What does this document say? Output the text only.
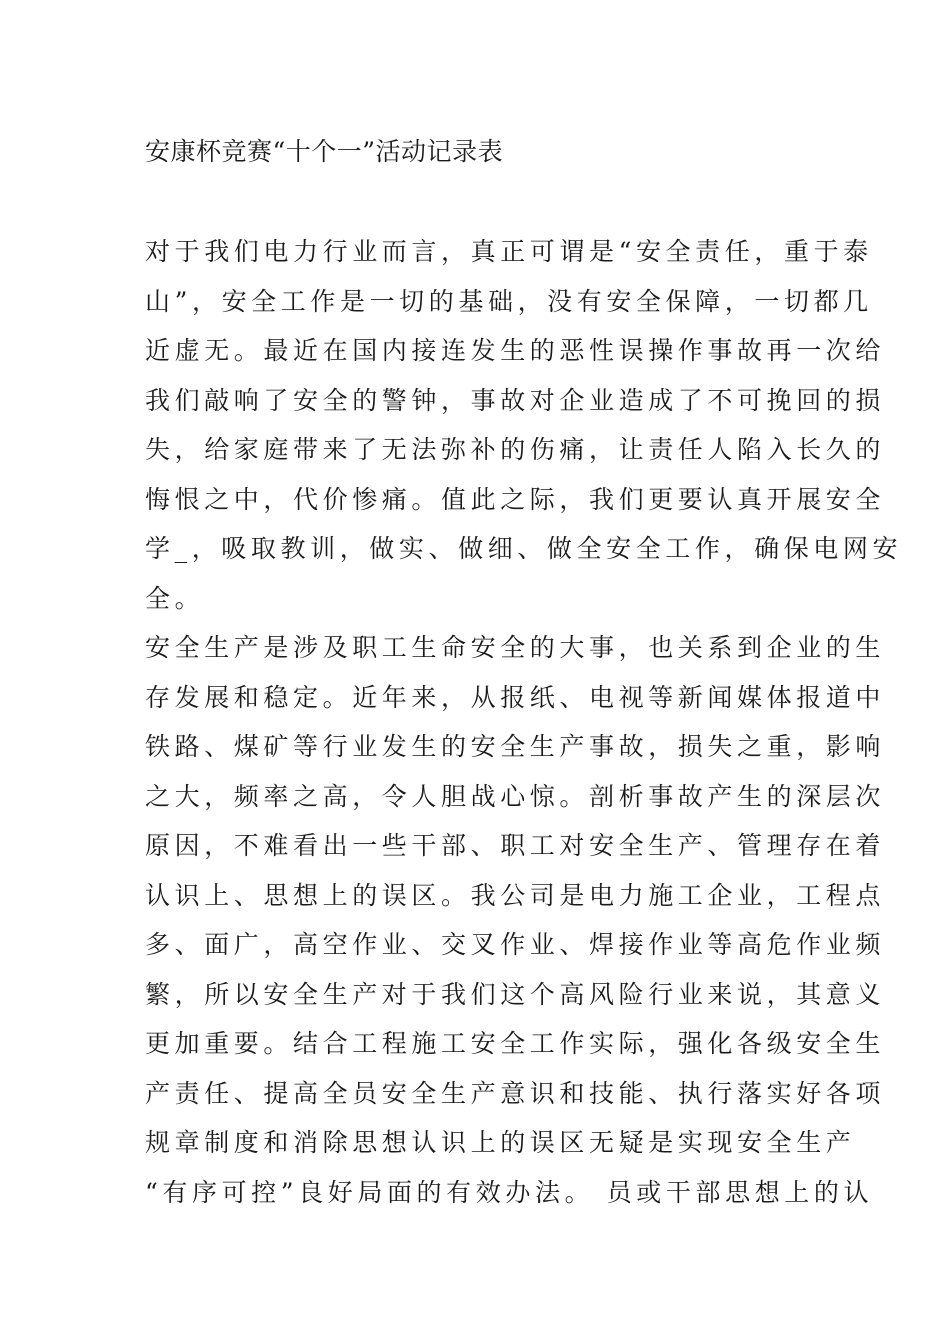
安康杯竞赛“十个一”活动记录表
对于我们电力行业而言，真正可谓是“安全责任，重于泰
山”，安全工作是一切的基础，没有安全保障，一切都几
近虚无。最近在国内接连发生的恶性误操作事故再一次给
我们敲响了安全的警钟，事故对企业造成了不可挽回的损
失，给家庭带来了无法弥补的伤痛，让责任人陷入长久的
悔恨之中，代价惨痛。值此之际，我们更要认真开展安全
学_，吸取教训，做实、做细、做全安全工作，确保电网安
全。
安全生产是涉及职工生命安全的大事，也关系到企业的生
存发展和稳定。近年来，从报纸、电视等新闻媒体报道中
铁路、煤矿等行业发生的安全生产事故，损失之重，影响
之大，频率之高，令人胆战心惊。剖析事故产生的深层次
原因，不难看出一些干部、职工对安全生产、管理存在着
认识上、思想上的误区。我公司是电力施工企业，工程点
多、面广，高空作业、交叉作业、焊接作业等高危作业频
繁，所以安全生产对于我们这个高风险行业来说，其意义
更加重要。结合工程施工安全工作实际，强化各级安全生
产责任、提高全员安全生产意识和技能、执行落实好各项
规章制度和消除思想认识上的误区无疑是实现安全生产
“有序可控”良好局面的有效办法。 员或干部思想上的认
